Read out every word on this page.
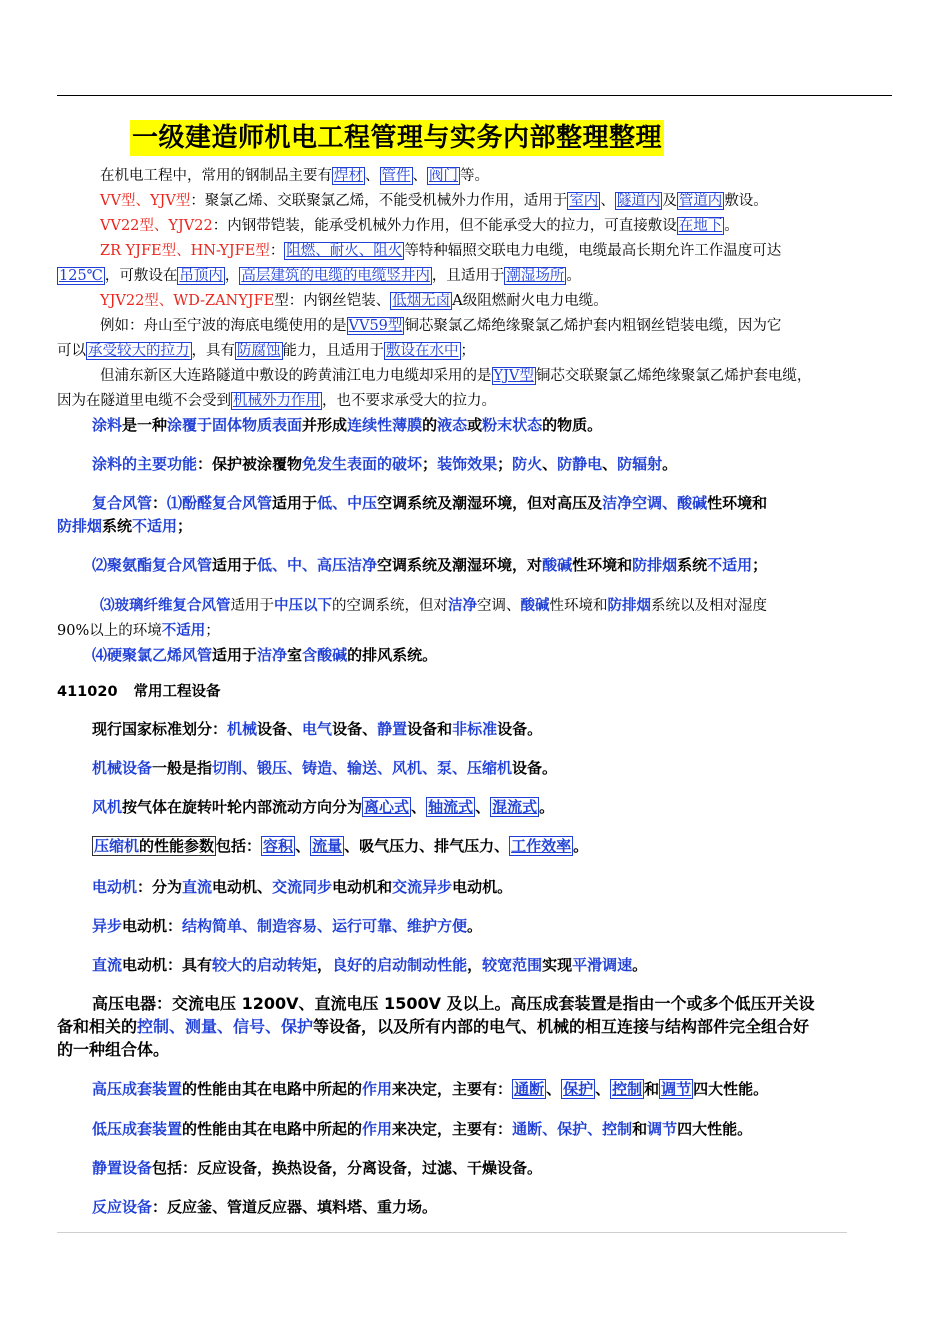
一级建造师机电工程管理与实务内部整理整理
在机电工程中，常用的钢制品主要有 焊材 、 管件 、 阀门 等。
VV型、YJV型：聚氯乙烯、交联聚氯乙烯，不能受机械外力作用，适用于 室内 、 隧道内 及 管道内 敷设。
VV22型、YJV22：内钢带铠装，能承受机械外力作用，但不能承受大的拉力，可直接敷设 在地下 。
ZR YJFE型、HN-YJFE型： 阻燃、耐火、阻火 等特种辐照交联电力电缆，电缆最高长期允许工作温度可达
125℃ ，可敷设在 吊顶内 ， 高层建筑的电缆的电缆竖井内 ，且适用于 潮湿场所 。
YJV22型、WD-ZANYJFE型：内钢丝铠装、 低烟无卤 A级阻燃耐火电力电缆。
例如：舟山至宁波的海底电缆使用的是 VV59型 铜芯聚氯乙烯绝缘聚氯乙烯护套内粗钢丝铠装电缆，因为它
可以 承受较大的拉力 ，具有 防腐蚀 能力，且适用于 敷设在水中 ；
但浦东新区大连路隧道中敷设的跨黄浦江电力电缆却采用的是 YJV型 铜芯交联聚氯乙烯绝缘聚氯乙烯护套电缆，
因为在隧道里电缆不会受到 机械外力作用 ，也不要求承受大的拉力。
涂料是一种涂覆于固体物质表面并形成连续性薄膜的液态或粉末状态的物质。
涂料的主要功能：保护被涂覆物免发生表面的破坏；装饰效果；防火、防静电、防辐射。
复合风管：⑴酚醛复合风管适用于低、中压空调系统及潮湿环境，但对高压及洁净空调、酸碱性环境和
防排烟系统不适用；
⑵聚氨酯复合风管适用于低、中、高压洁净空调系统及潮湿环境，对酸碱性环境和防排烟系统不适用；
⑶玻璃纤维复合风管适用于中压以下的空调系统，但对洁净空调、酸碱性环境和防排烟系统以及相对湿度
90%以上的环境不适用；
⑷硬聚氯乙烯风管适用于洁净室含酸碱的排风系统。
411020 常用工程设备
现行国家标准划分：机械设备、电气设备、静置设备和非标准设备。
机械设备一般是指切削、锻压、铸造、输送、风机、泵、压缩机设备。
风机按气体在旋转叶轮内部流动方向分为 离心式 、 轴流式 、 混流式 。
压缩机的性能参数 包括： 容积 、 流量 、吸气压力、排气压力、 工作效率 。
电动机：分为直流电动机、交流同步电动机和交流异步电动机。
异步电动机：结构简单、制造容易、运行可靠、维护方便。
直流电动机：具有较大的启动转矩，良好的启动制动性能，较宽范围实现平滑调速。
高压电器：交流电压 1200V、直流电压 1500V 及以上。高压成套装置是指由一个或多个低压开关设
备和相关的控制、测量、信号、保护等设备，以及所有内部的电气、机械的相互连接与结构部件完全组合好
的一种组合体。
高压成套装置的性能由其在电路中所起的作用来决定，主要有： 通断 、 保护 、 控制 和 调节 四大性能。
低压成套装置的性能由其在电路中所起的作用来决定，主要有：通断、保护、控制和调节四大性能。
静置设备包括：反应设备，换热设备，分离设备，过滤、干燥设备。
反应设备：反应釜、管道反应器、填料塔、重力场。
